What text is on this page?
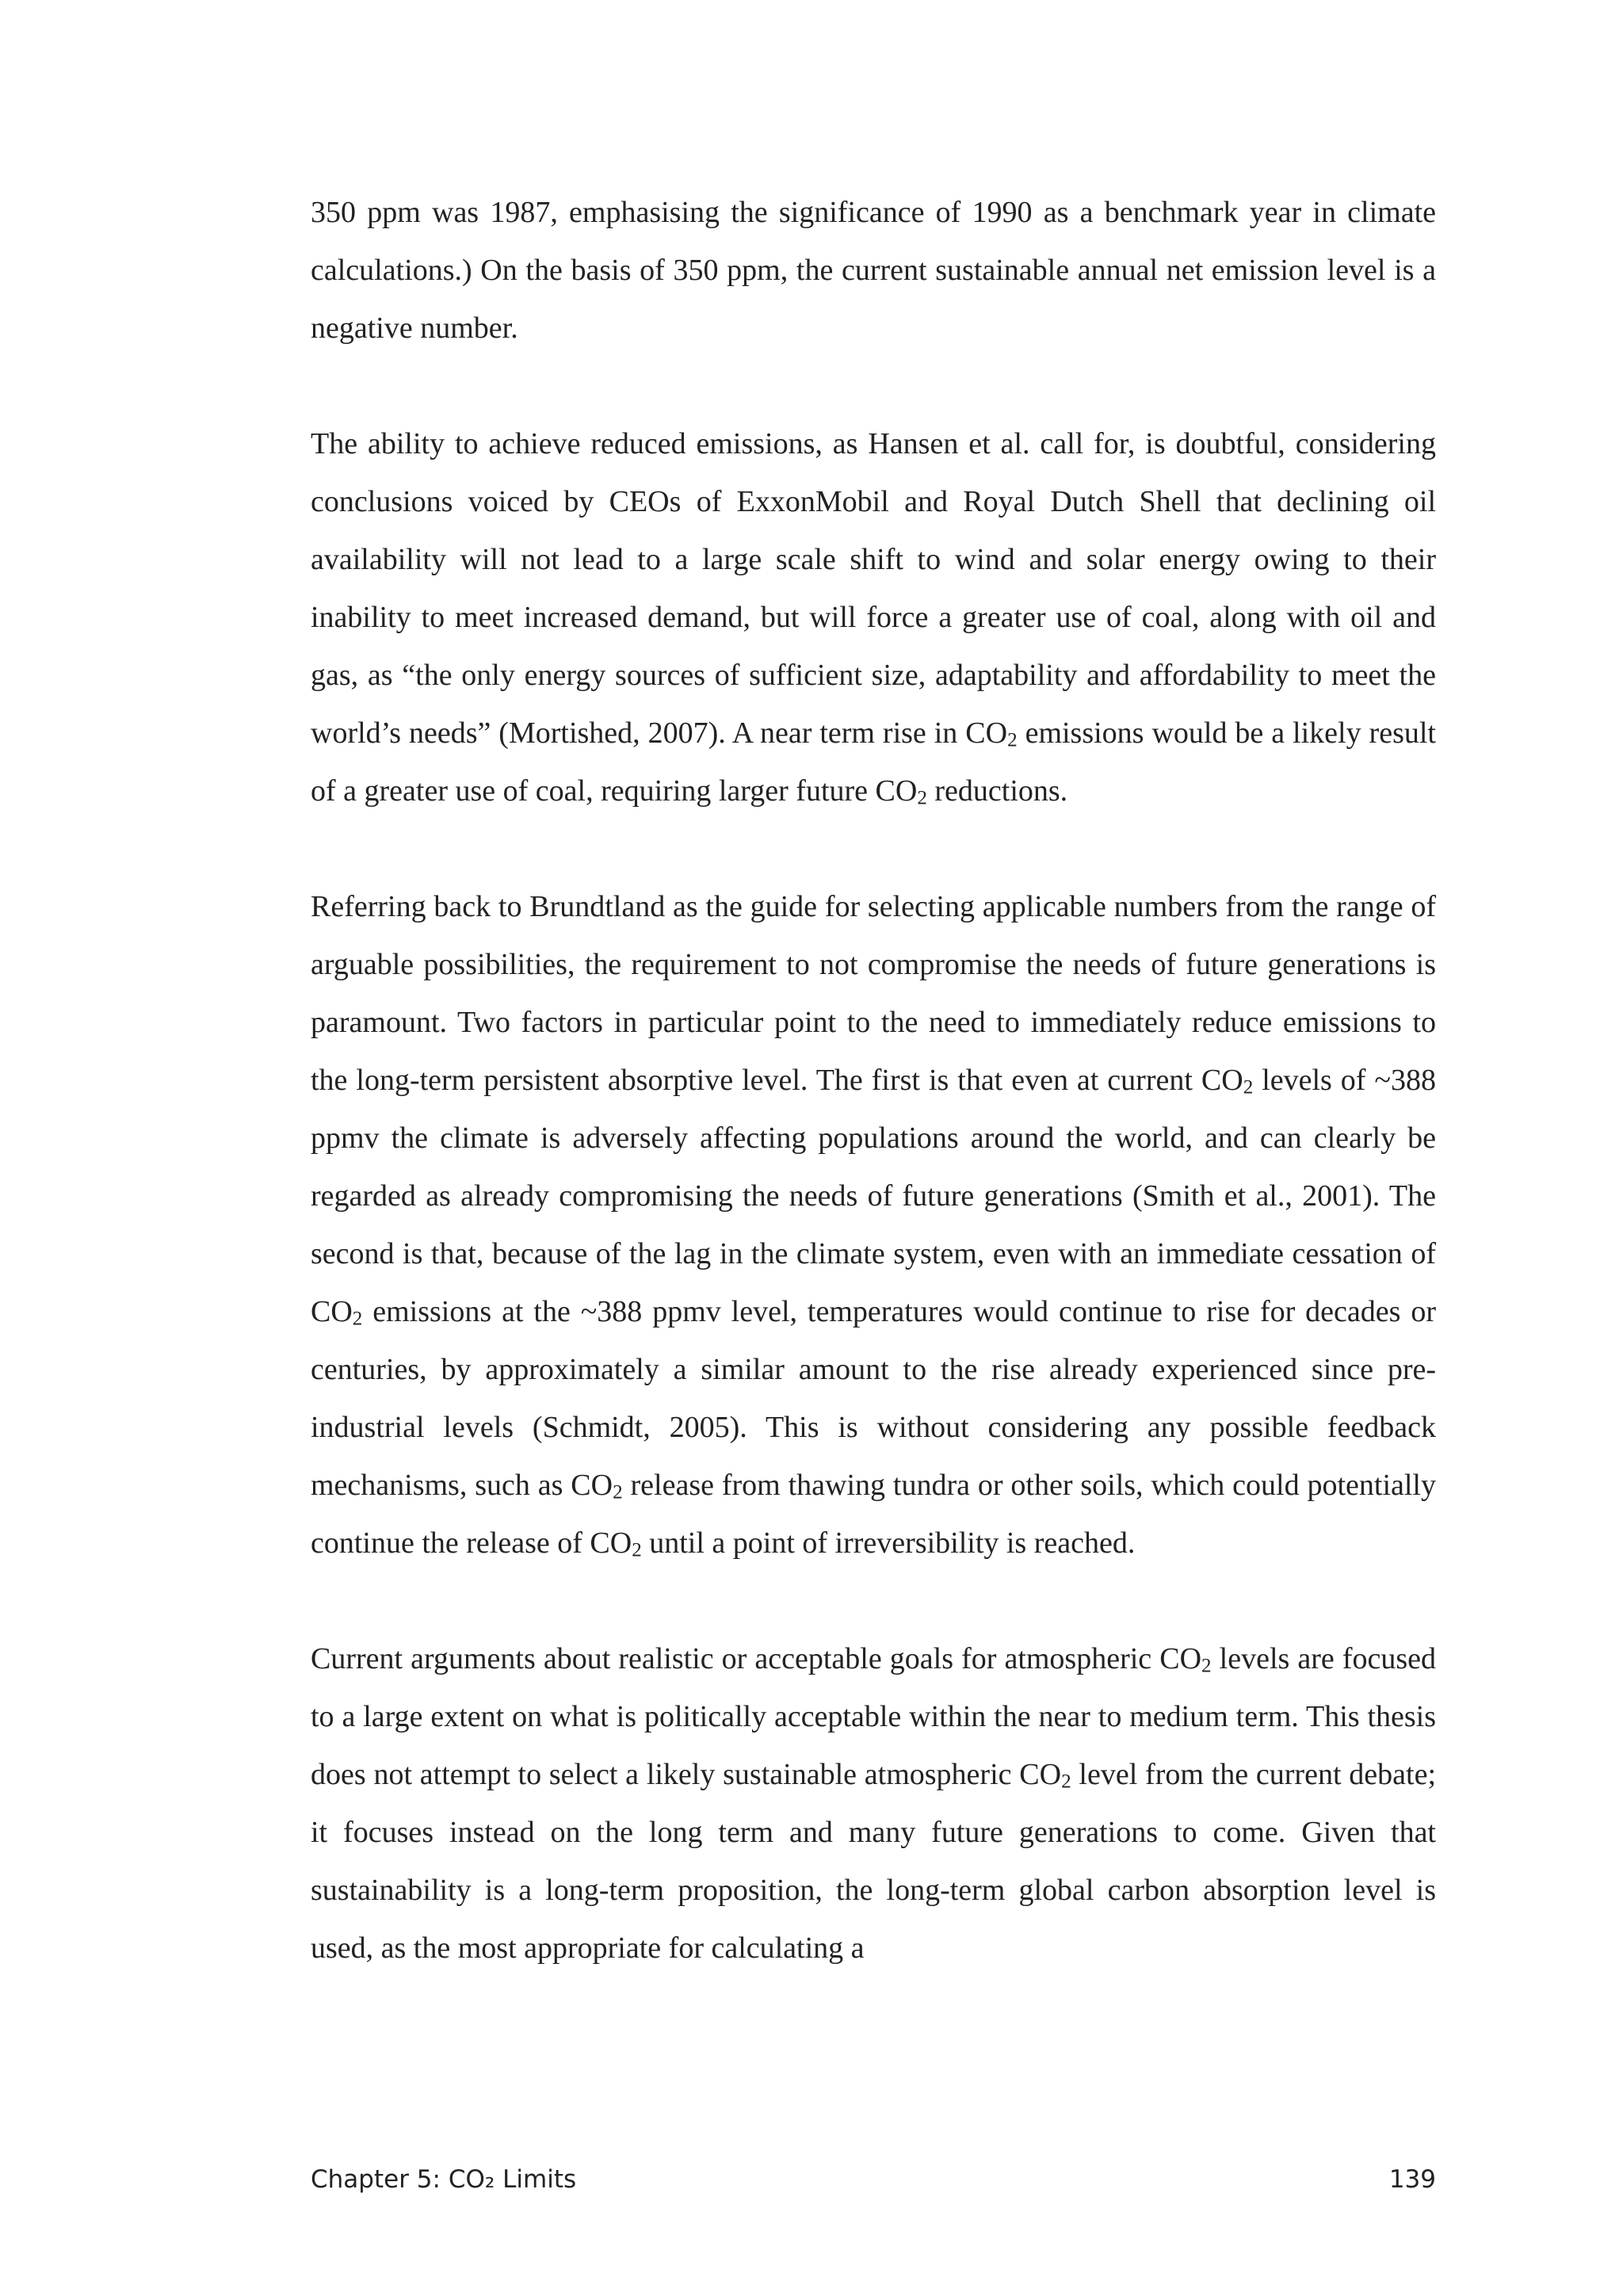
350 ppm was 1987, emphasising the significance of 1990 as a benchmark year in climate calculations.) On the basis of 350 ppm, the current sustainable annual net emission level is a negative number.

The ability to achieve reduced emissions, as Hansen et al. call for, is doubtful, considering conclusions voiced by CEOs of ExxonMobil and Royal Dutch Shell that declining oil availability will not lead to a large scale shift to wind and solar energy owing to their inability to meet increased demand, but will force a greater use of coal, along with oil and gas, as “the only energy sources of sufficient size, adaptability and affordability to meet the world’s needs” (Mortished, 2007). A near term rise in $CO_2$ emissions would be a likely result of a greater use of coal, requiring larger future $CO_2$ reductions.

Referring back to Brundtland as the guide for selecting applicable numbers from the range of arguable possibilities, the requirement to not compromise the needs of future generations is paramount. Two factors in particular point to the need to immediately reduce emissions to the long-term persistent absorptive level. The first is that even at current $CO_2$ levels of ~388 ppmv the climate is adversely affecting populations around the world, and can clearly be regarded as already compromising the needs of future generations (Smith et al., 2001). The second is that, because of the lag in the climate system, even with an immediate cessation of $CO_2$ emissions at the ~388 ppmv level, temperatures would continue to rise for decades or centuries, by approximately a similar amount to the rise already experienced since pre-industrial levels (Schmidt, 2005). This is without considering any possible feedback mechanisms, such as $CO_2$ release from thawing tundra or other soils, which could potentially continue the release of $CO_2$ until a point of irreversibility is reached.

Current arguments about realistic or acceptable goals for atmospheric $CO_2$ levels are focused to a large extent on what is politically acceptable within the near to medium term. This thesis does not attempt to select a likely sustainable atmospheric $CO_2$ level from the current debate; it focuses instead on the long term and many future generations to come. Given that sustainability is a long-term proposition, the long-term global carbon absorption level is used, as the most appropriate for calculating a

Chapter 5: CO₂ Limits	139
